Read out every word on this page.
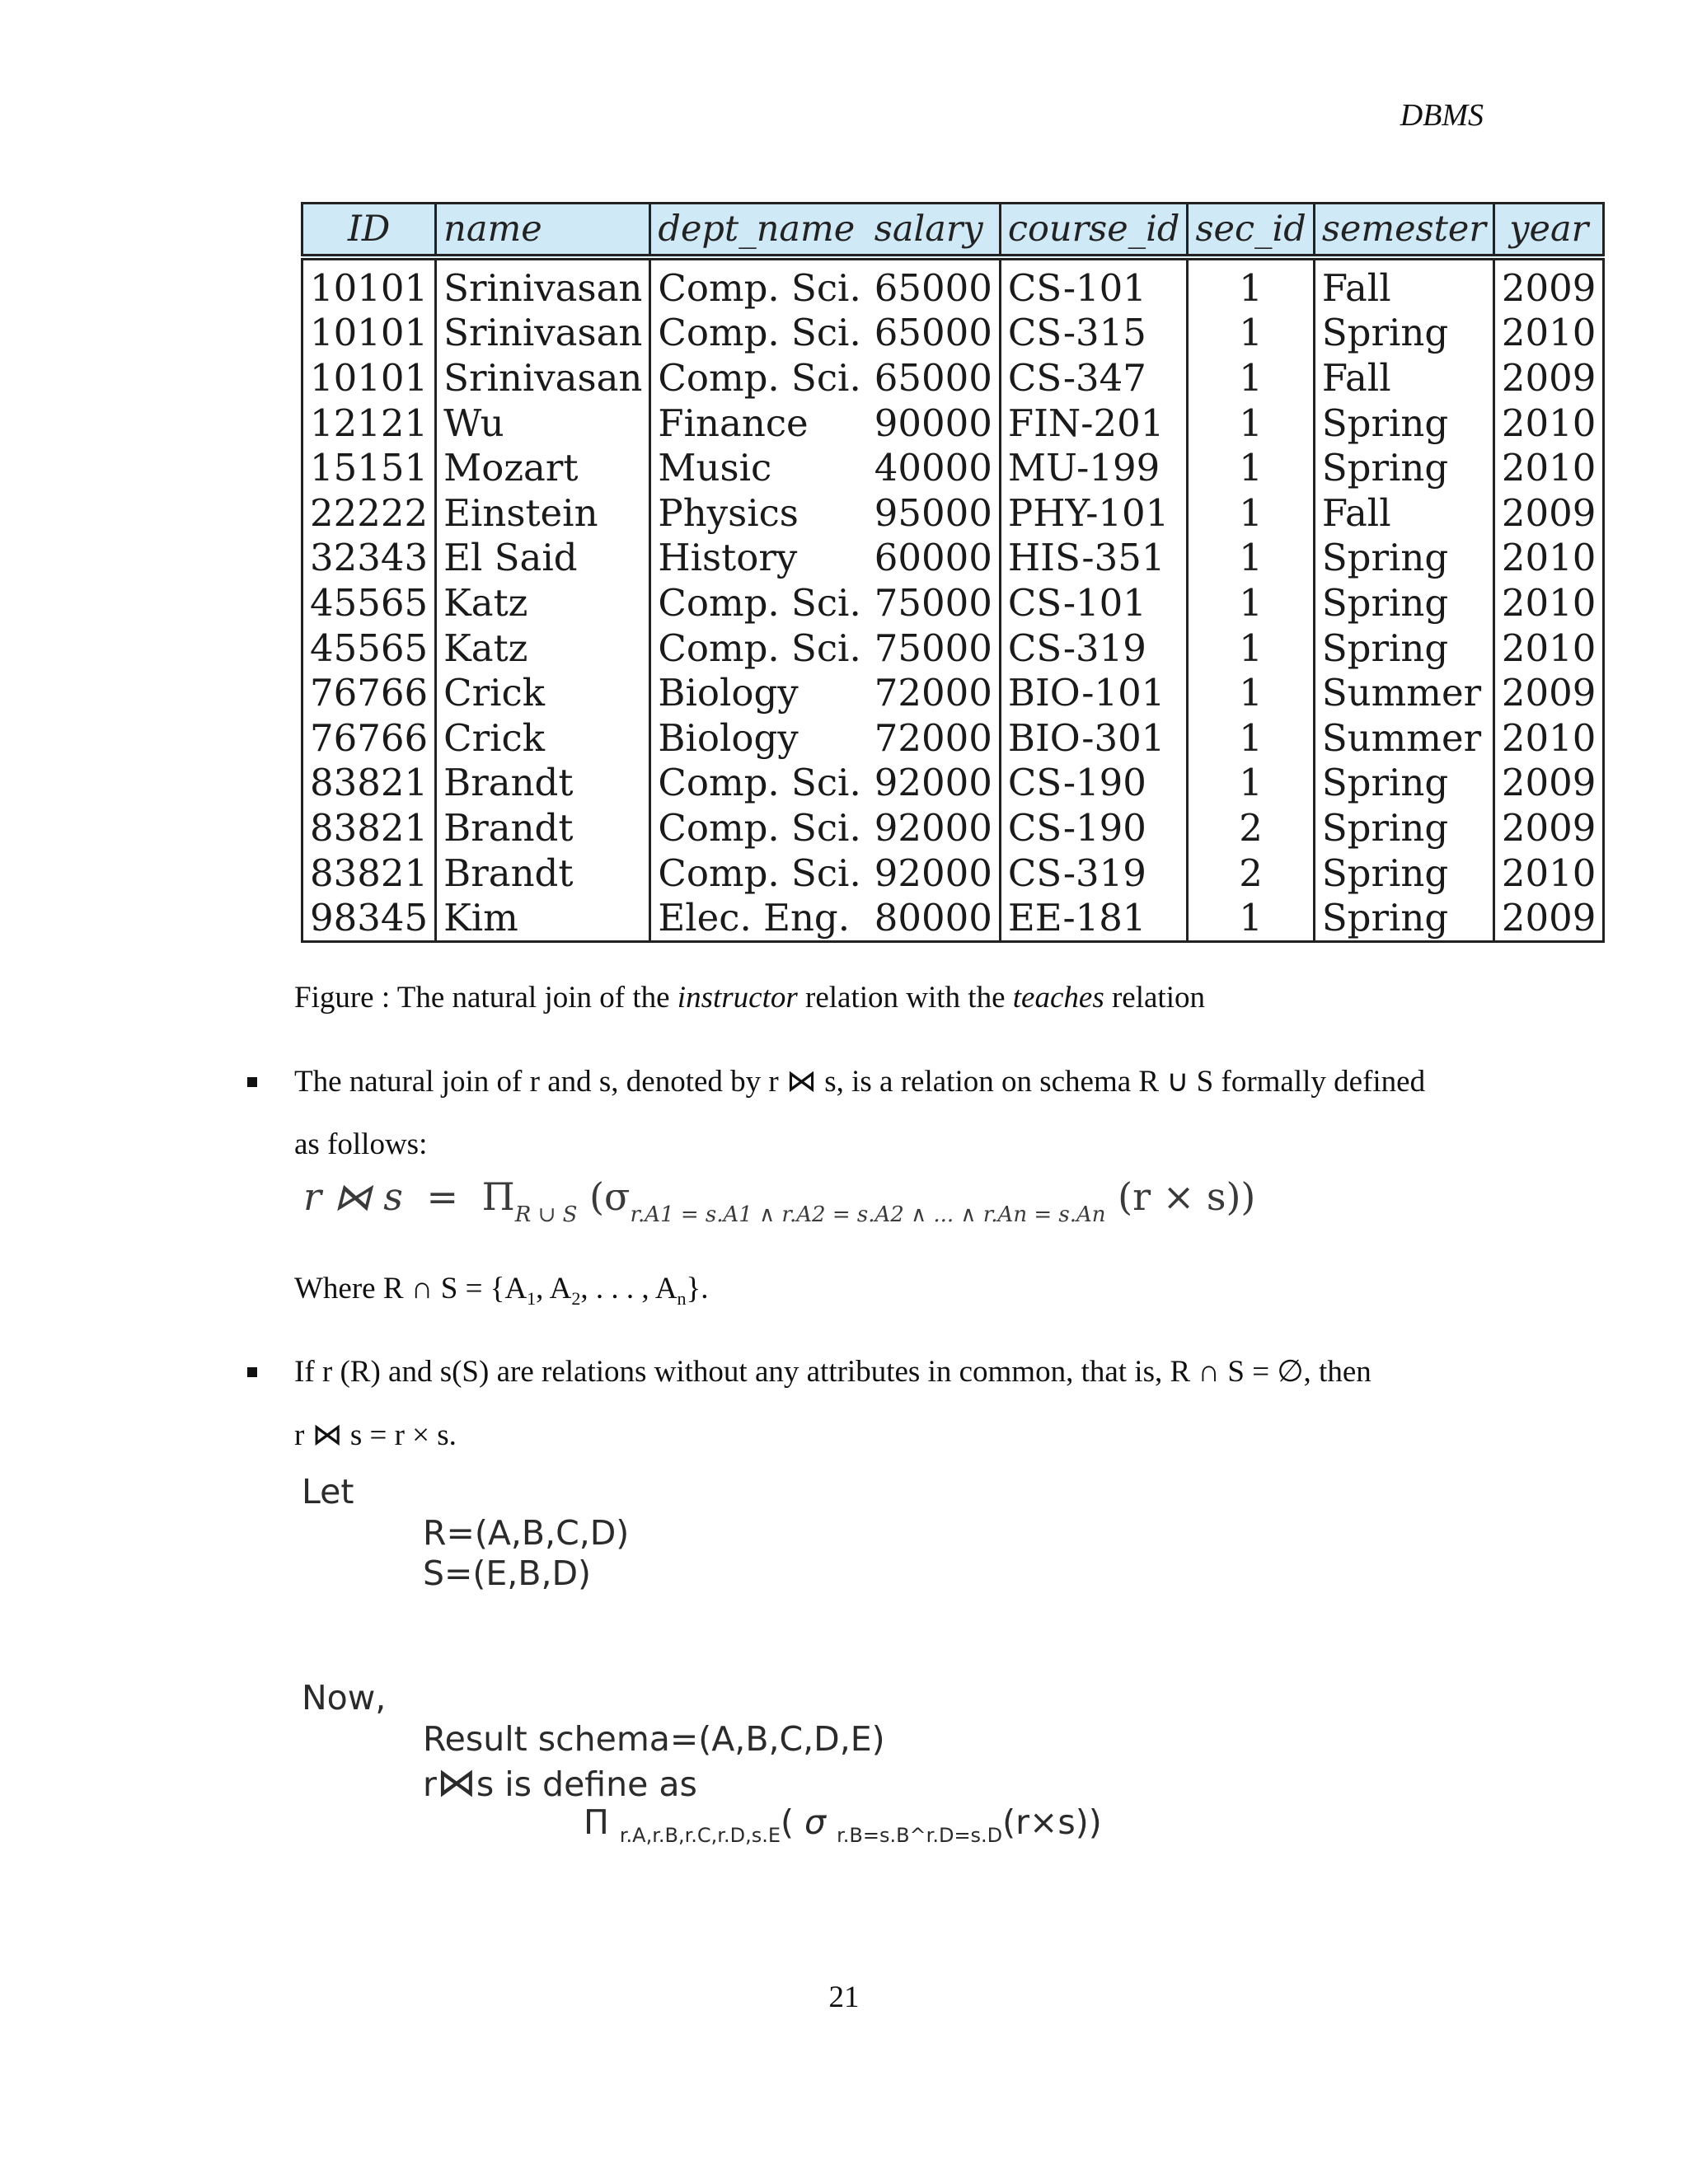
DBMS
ID	name	dept_name	salary	course_id	sec_id	semester	year
10101	Srinivasan	Comp. Sci.	65000	CS-101	1	Fall	2009
10101	Srinivasan	Comp. Sci.	65000	CS-315	1	Spring	2010
10101	Srinivasan	Comp. Sci.	65000	CS-347	1	Fall	2009
12121	Wu	Finance	90000	FIN-201	1	Spring	2010
15151	Mozart	Music	40000	MU-199	1	Spring	2010
22222	Einstein	Physics	95000	PHY-101	1	Fall	2009
32343	El Said	History	60000	HIS-351	1	Spring	2010
45565	Katz	Comp. Sci.	75000	CS-101	1	Spring	2010
45565	Katz	Comp. Sci.	75000	CS-319	1	Spring	2010
76766	Crick	Biology	72000	BIO-101	1	Summer	2009
76766	Crick	Biology	72000	BIO-301	1	Summer	2010
83821	Brandt	Comp. Sci.	92000	CS-190	1	Spring	2009
83821	Brandt	Comp. Sci.	92000	CS-190	2	Spring	2009
83821	Brandt	Comp. Sci.	92000	CS-319	2	Spring	2010
98345	Kim	Elec. Eng.	80000	EE-181	1	Spring	2009
Figure : The natural join of the instructor relation with the teaches relation
The natural join of r and s, denoted by r ⋈ s, is a relation on schema R ∪ S formally defined
as follows:
r ⋈ $s = \Pi_{R \cup S}$ ($\sigma_{r.A1 = s.A1 \wedge r.A2 = s.A2 \wedge ... \wedge r.An = s.An}$ (r × s))
Where R ∩ $S = \{A_1$, $A_2$, . . . , $A_n$}.
If r (R) and s(S) are relations without any attributes in common, that is, R ∩ S = ∅, then
r ⋈ s = r × s.
Let
R=(A,B,C,D)
S=(E,B,D)
Now,
Result schema=(A,B,C,D,E)
r⋈s is define as
Π $_{r.A,r.B,r.C,r.D,s.E}$( σ $_{r.B=s.B\^{}r.D=s.D}$(r×s))
21
